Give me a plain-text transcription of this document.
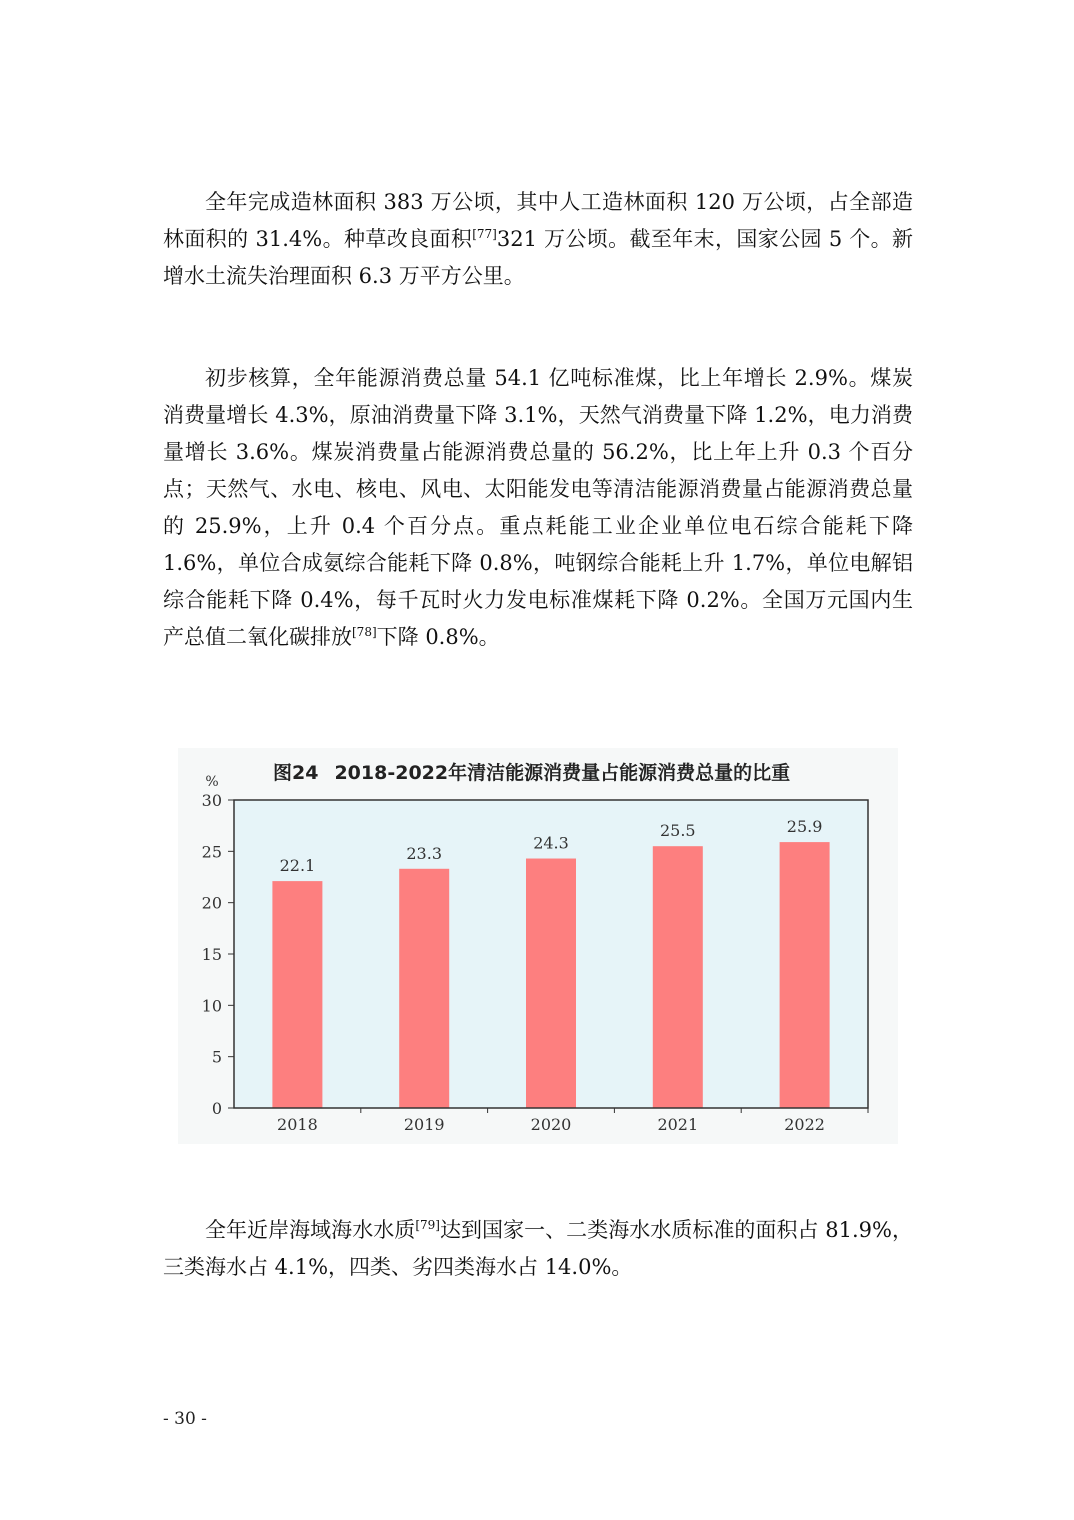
全年完成造林面积 383 万公顷，其中人工造林面积 120 万公顷，占全部造林面积的 31.4%。种草改良面积[77]321 万公顷。截至年末，国家公园 5 个。新增水土流失治理面积 6.3 万平方公里。

初步核算，全年能源消费总量 54.1 亿吨标准煤，比上年增长 2.9%。煤炭消费量增长 4.3%，原油消费量下降 3.1%，天然气消费量下降 1.2%，电力消费量增长 3.6%。煤炭消费量占能源消费总量的 56.2%，比上年上升 0.3 个百分点；天然气、水电、核电、风电、太阳能发电等清洁能源消费量占能源消费总量的 25.9%，上升 0.4 个百分点。重点耗能工业企业单位电石综合能耗下降 1.6%，单位合成氨综合能耗下降 0.8%，吨钢综合能耗上升 1.7%，单位电解铝综合能耗下降 0.4%，每千瓦时火力发电标准煤耗下降 0.2%。全国万元国内生产总值二氧化碳排放[78]下降 0.8%。

图24 2018-2022年清洁能源消费量占能源消费总量的比重
%
0
5
10
15
20
25
30
22.1
2018
23.3
2019
24.3
2020
25.5
2021
25.9
2022

全年近岸海域海水水质[79]达到国家一、二类海水水质标准的面积占 81.9%，三类海水占 4.1%，四类、劣四类海水占 14.0%。

- 30 -
